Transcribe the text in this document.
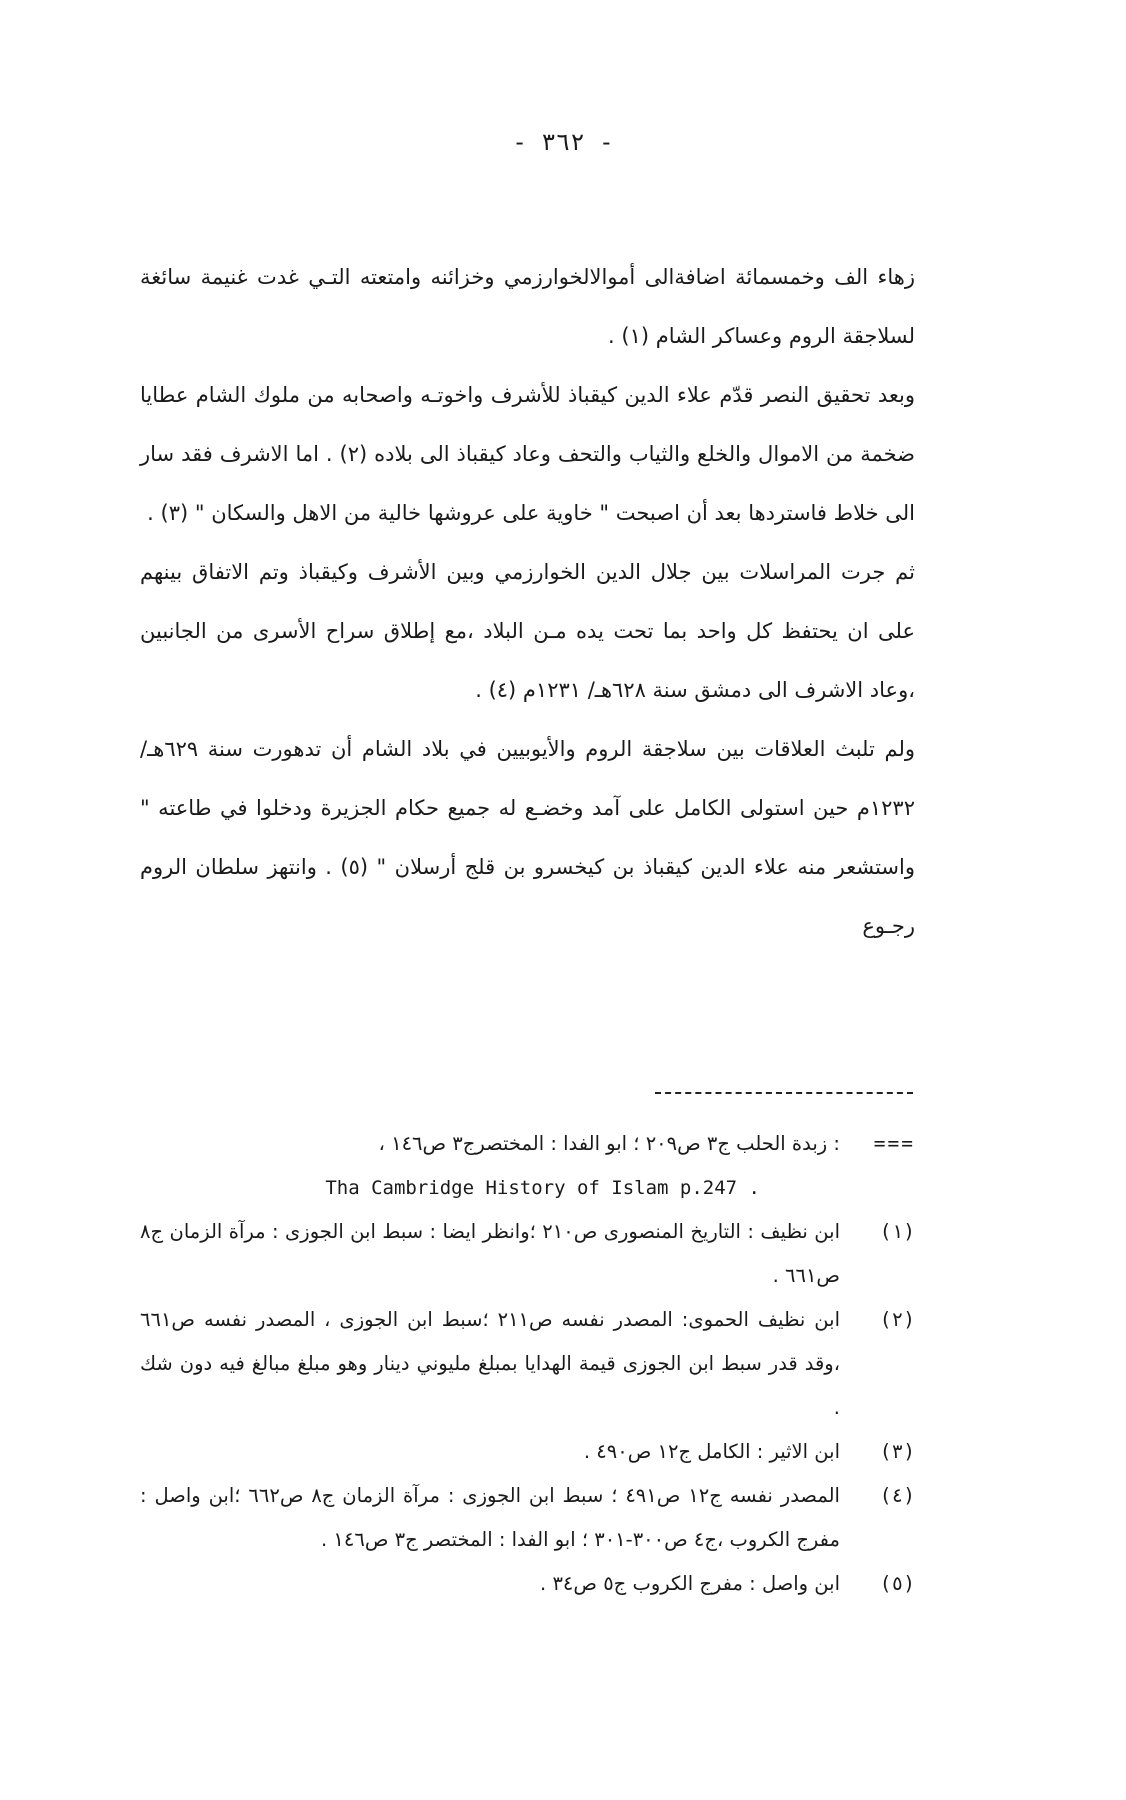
- ٣٦٢ -

زهاء الف وخمسمائة اضافةالى أموالالخوارزمي وخزائنه وامتعته التـي غدت غنيمة سائغة لسلاجقة الروم وعساكر الشام (١) .

وبعد تحقيق النصر قدّم علاء الدين كيقباذ للأشرف واخوتـه واصحابه من ملوك الشام عطايا ضخمة من الاموال والخلع والثياب والتحف وعاد كيقباذ الى بلاده (٢) . اما الاشرف فقد سار الى خلاط فاستردها بعد أن اصبحت " خاوية على عروشها خالية من الاهل والسكان " (٣) .

ثم جرت المراسلات بين جلال الدين الخوارزمي وبين الأشرف وكيقباذ وتم الاتفاق بينهم على ان يحتفظ كل واحد بما تحت يده مـن البلاد ،مع إطلاق سراح الأسرى من الجانبين ،وعاد الاشرف الى دمشق سنة ٦٢٨هـ/ ١٢٣١م (٤) .

ولم تلبث العلاقات بين سلاجقة الروم والأيوبيين في بلاد الشام أن تدهورت سنة ٦٢٩هـ/١٢٣٢م حين استولى الكامل على آمد وخضـع له جميع حكام الجزيرة ودخلوا في طاعته " واستشعر منه علاء الدين كيقباذ بن كيخسرو بن قلج أرسلان " (٥) . وانتهز سلطان الروم رجـوع

===
: زبدة الحلب ج٣ ص٢٠٩ ؛ ابو الفدا : المختصرج٣ ص١٤٦ ،
Tha Cambridge History of Islam p.247 .
(١)
ابن نظيف : التاريخ المنصورى ص٢١٠ ؛وانظر ايضا : سبط ابن الجوزى : مرآة الزمان ج٨ ص٦٦١ .
(٢)
ابن نظيف الحموى: المصدر نفسه ص٢١١ ؛سبط ابن الجوزى ، المصدر نفسه ص٦٦١ ،وقد قدر سبط ابن الجوزى قيمة الهدايا بمبلغ مليوني دينار وهو مبلغ مبالغ فيه دون شك .
(٣)
ابن الاثير : الكامل ج١٢ ص٤٩٠ .
(٤)
المصدر نفسه ج١٢ ص٤٩١ ؛ سبط ابن الجوزى : مرآة الزمان ج٨ ص٦٦٢ ؛ابن واصل : مفرج الكروب ،ج٤ ص٣٠٠-٣٠١ ؛ ابو الفدا : المختصر ج٣ ص١٤٦ .
(٥)
ابن واصل : مفرج الكروب ج٥ ص٣٤ .
